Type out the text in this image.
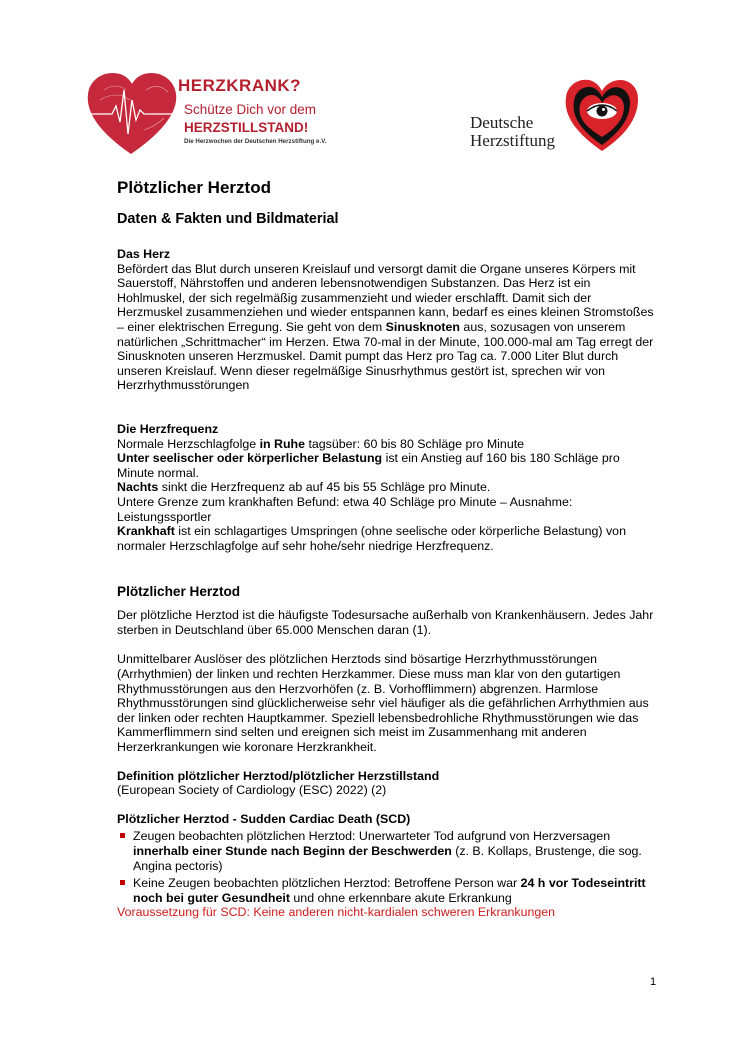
HERZKRANK?
Schütze Dich vor dem
HERZSTILLSTAND!
Die Herzwochen der Deutschen Herzstiftung e.V.
Deutsche
Herzstiftung
Plötzlicher Herztod
Daten & Fakten und Bildmaterial

Das Herz

Befördert das Blut durch unseren Kreislauf und versorgt damit die Organe unseres Körpers mit Sauerstoff, Nährstoffen und anderen lebensnotwendigen Substanzen. Das Herz ist ein Hohlmuskel, der sich regelmäßig zusammenzieht und wieder erschlafft. Damit sich der Herzmuskel zusammenziehen und wieder entspannen kann, bedarf es eines kleinen Stromstoßes – einer elektrischen Erregung. Sie geht von dem Sinusknoten aus, sozusagen von unserem natürlichen „Schrittmacher“ im Herzen. Etwa 70-mal in der Minute, 100.000-mal am Tag erregt der Sinusknoten unseren Herzmuskel. Damit pumpt das Herz pro Tag ca. 7.000 Liter Blut durch unseren Kreislauf. Wenn dieser regelmäßige Sinusrhythmus gestört ist, sprechen wir von Herzrhythmusstörungen

Die Herzfrequenz

Normale Herzschlagfolge in Ruhe tagsüber: 60 bis 80 Schläge pro Minute

Unter seelischer oder körperlicher Belastung ist ein Anstieg auf 160 bis 180 Schläge pro Minute normal.

Nachts sinkt die Herzfrequenz ab auf 45 bis 55 Schläge pro Minute.

Untere Grenze zum krankhaften Befund: etwa 40 Schläge pro Minute – Ausnahme: Leistungssportler

Krankhaft ist ein schlagartiges Umspringen (ohne seelische oder körperliche Belastung) von normaler Herzschlagfolge auf sehr hohe/sehr niedrige Herzfrequenz.

Plötzlicher Herztod

Der plötzliche Herztod ist die häufigste Todesursache außerhalb von Krankenhäusern. Jedes Jahr sterben in Deutschland über 65.000 Menschen daran (1).

Unmittelbarer Auslöser des plötzlichen Herztods sind bösartige Herzrhythmusstörungen (Arrhythmien) der linken und rechten Herzkammer. Diese muss man klar von den gutartigen Rhythmusstörungen aus den Herzvorhöfen (z. B. Vorhofflimmern) abgrenzen. Harmlose Rhythmusstörungen sind glücklicherweise sehr viel häufiger als die gefährlichen Arrhythmien aus der linken oder rechten Hauptkammer. Speziell lebensbedrohliche Rhythmusstörungen wie das Kammerflimmern sind selten und ereignen sich meist im Zusammenhang mit anderen Herzerkrankungen wie koronare Herzkrankheit.

Definition plötzlicher Herztod/plötzlicher Herzstillstand

(European Society of Cardiology (ESC) 2022) (2)

Plötzlicher Herztod - Sudden Cardiac Death (SCD)

Zeugen beobachten plötzlichen Herztod: Unerwarteter Tod aufgrund von Herzversagen innerhalb einer Stunde nach Beginn der Beschwerden (z. B. Kollaps, Brustenge, die sog. Angina pectoris)
Keine Zeugen beobachten plötzlichen Herztod: Betroffene Person war 24 h vor Todeseintritt noch bei guter Gesundheit und ohne erkennbare akute Erkrankung

Voraussetzung für SCD: Keine anderen nicht-kardialen schweren Erkrankungen

1
